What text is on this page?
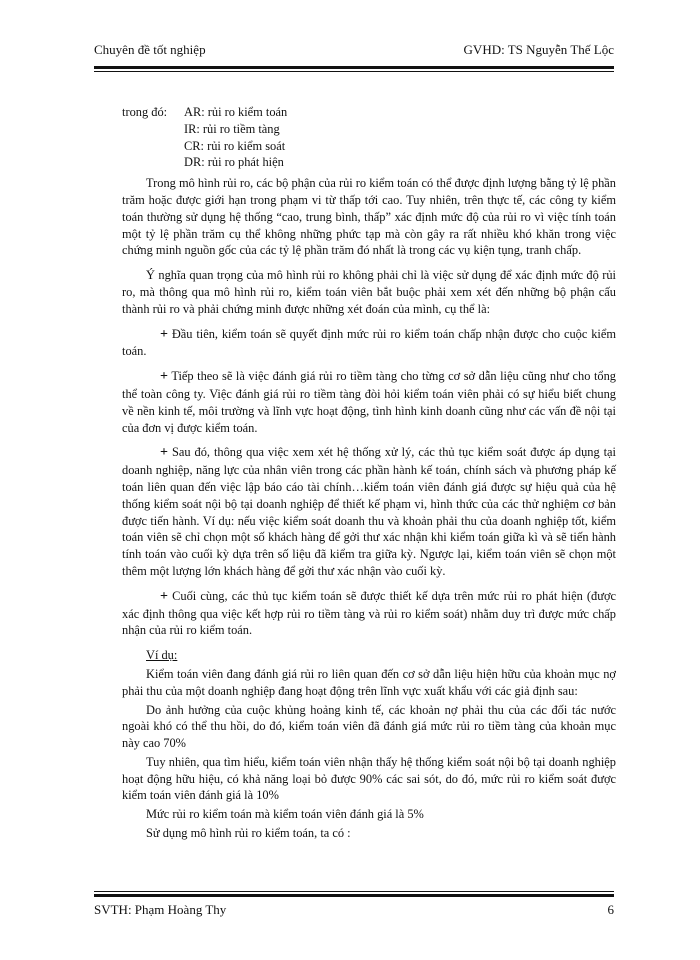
Chuyên đề tốt nghiệp	GVHD: TS Nguyễn Thế Lộc
trong đó:	AR: rủi ro kiểm toán
IR: rủi ro tiềm tàng
CR: rủi ro kiểm soát
DR: rủi ro phát hiện

Trong mô hình rủi ro, các bộ phận của rủi ro kiểm toán có thể được định lượng bằng tỷ lệ phần trăm hoặc được giới hạn trong phạm vi từ thấp tới cao. Tuy nhiên, trên thực tế, các công ty kiểm toán thường sử dụng hệ thống “cao, trung bình, thấp” xác định mức độ của rủi ro vì việc tính toán một tỷ lệ phần trăm cụ thể không những phức tạp mà còn gây ra rất nhiều khó khăn trong việc chứng minh nguồn gốc của các tỷ lệ phần trăm đó nhất là trong các vụ kiện tụng, tranh chấp.

Ý nghĩa quan trọng của mô hình rủi ro không phải chỉ là việc sử dụng để xác định mức độ rủi ro, mà thông qua mô hình rủi ro, kiểm toán viên bắt buộc phải xem xét đến những bộ phận cấu thành rủi ro và phải chứng minh được những xét đoán của mình, cụ thể là:

+ Đầu tiên, kiểm toán sẽ quyết định mức rủi ro kiểm toán chấp nhận được cho cuộc kiểm toán.

+ Tiếp theo sẽ là việc đánh giá rủi ro tiềm tàng cho từng cơ sở dẫn liệu cũng như cho tổng thể toàn công ty. Việc đánh giá rủi ro tiềm tàng đòi hỏi kiểm toán viên phải có sự hiểu biết chung về nền kinh tế, môi trường và lĩnh vực hoạt động, tình hình kinh doanh cũng như các vấn đề nội tại của đơn vị được kiểm toán.

+ Sau đó, thông qua việc xem xét hệ thống xử lý, các thủ tục kiểm soát được áp dụng tại doanh nghiệp, năng lực của nhân viên trong các phần hành kế toán, chính sách và phương pháp kế toán liên quan đến việc lập báo cáo tài chính…kiểm toán viên đánh giá được sự hiệu quả của hệ thống kiểm soát nội bộ tại doanh nghiệp để thiết kế phạm vi, hình thức của các thử nghiệm cơ bản được tiến hành. Ví dụ: nếu việc kiểm soát doanh thu và khoản phải thu của doanh nghiệp tốt, kiểm toán viên sẽ chỉ chọn một số khách hàng để gởi thư xác nhận khi kiểm toán giữa kì và sẽ tiến hành tính toán vào cuối kỳ dựa trên số liệu đã kiểm tra giữa kỳ. Ngược lại, kiểm toán viên sẽ chọn một thêm một lượng lớn khách hàng để gởi thư xác nhận vào cuối kỳ.

+ Cuối cùng, các thủ tục kiểm toán sẽ được thiết kế dựa trên mức rủi ro phát hiện (được xác định thông qua việc kết hợp rủi ro tiềm tàng và rủi ro kiểm soát) nhằm duy trì được mức chấp nhận của rủi ro kiểm toán.

Ví dụ:

Kiểm toán viên đang đánh giá rủi ro liên quan đến cơ sở dẫn liệu hiện hữu của khoản mục nợ phải thu của một doanh nghiệp đang hoạt động trên lĩnh vực xuất khẩu với các giả định sau:

Do ảnh hưởng của cuộc khủng hoảng kinh tế, các khoản nợ phải thu của các đối tác nước ngoài khó có thể thu hồi, do đó, kiểm toán viên đã đánh giá mức rủi ro tiềm tàng của khoản mục này cao 70%

Tuy nhiên, qua tìm hiểu, kiểm toán viên nhận thấy hệ thống kiểm soát nội bộ tại doanh nghiệp hoạt động hữu hiệu, có khả năng loại bỏ được 90% các sai sót, do đó, mức rủi ro kiểm soát được kiểm toán viên đánh giá là 10%

Mức rủi ro kiểm toán mà kiểm toán viên đánh giá là 5%

Sử dụng mô hình rủi ro kiểm toán, ta có :

SVTH: Phạm Hoàng Thy	6
